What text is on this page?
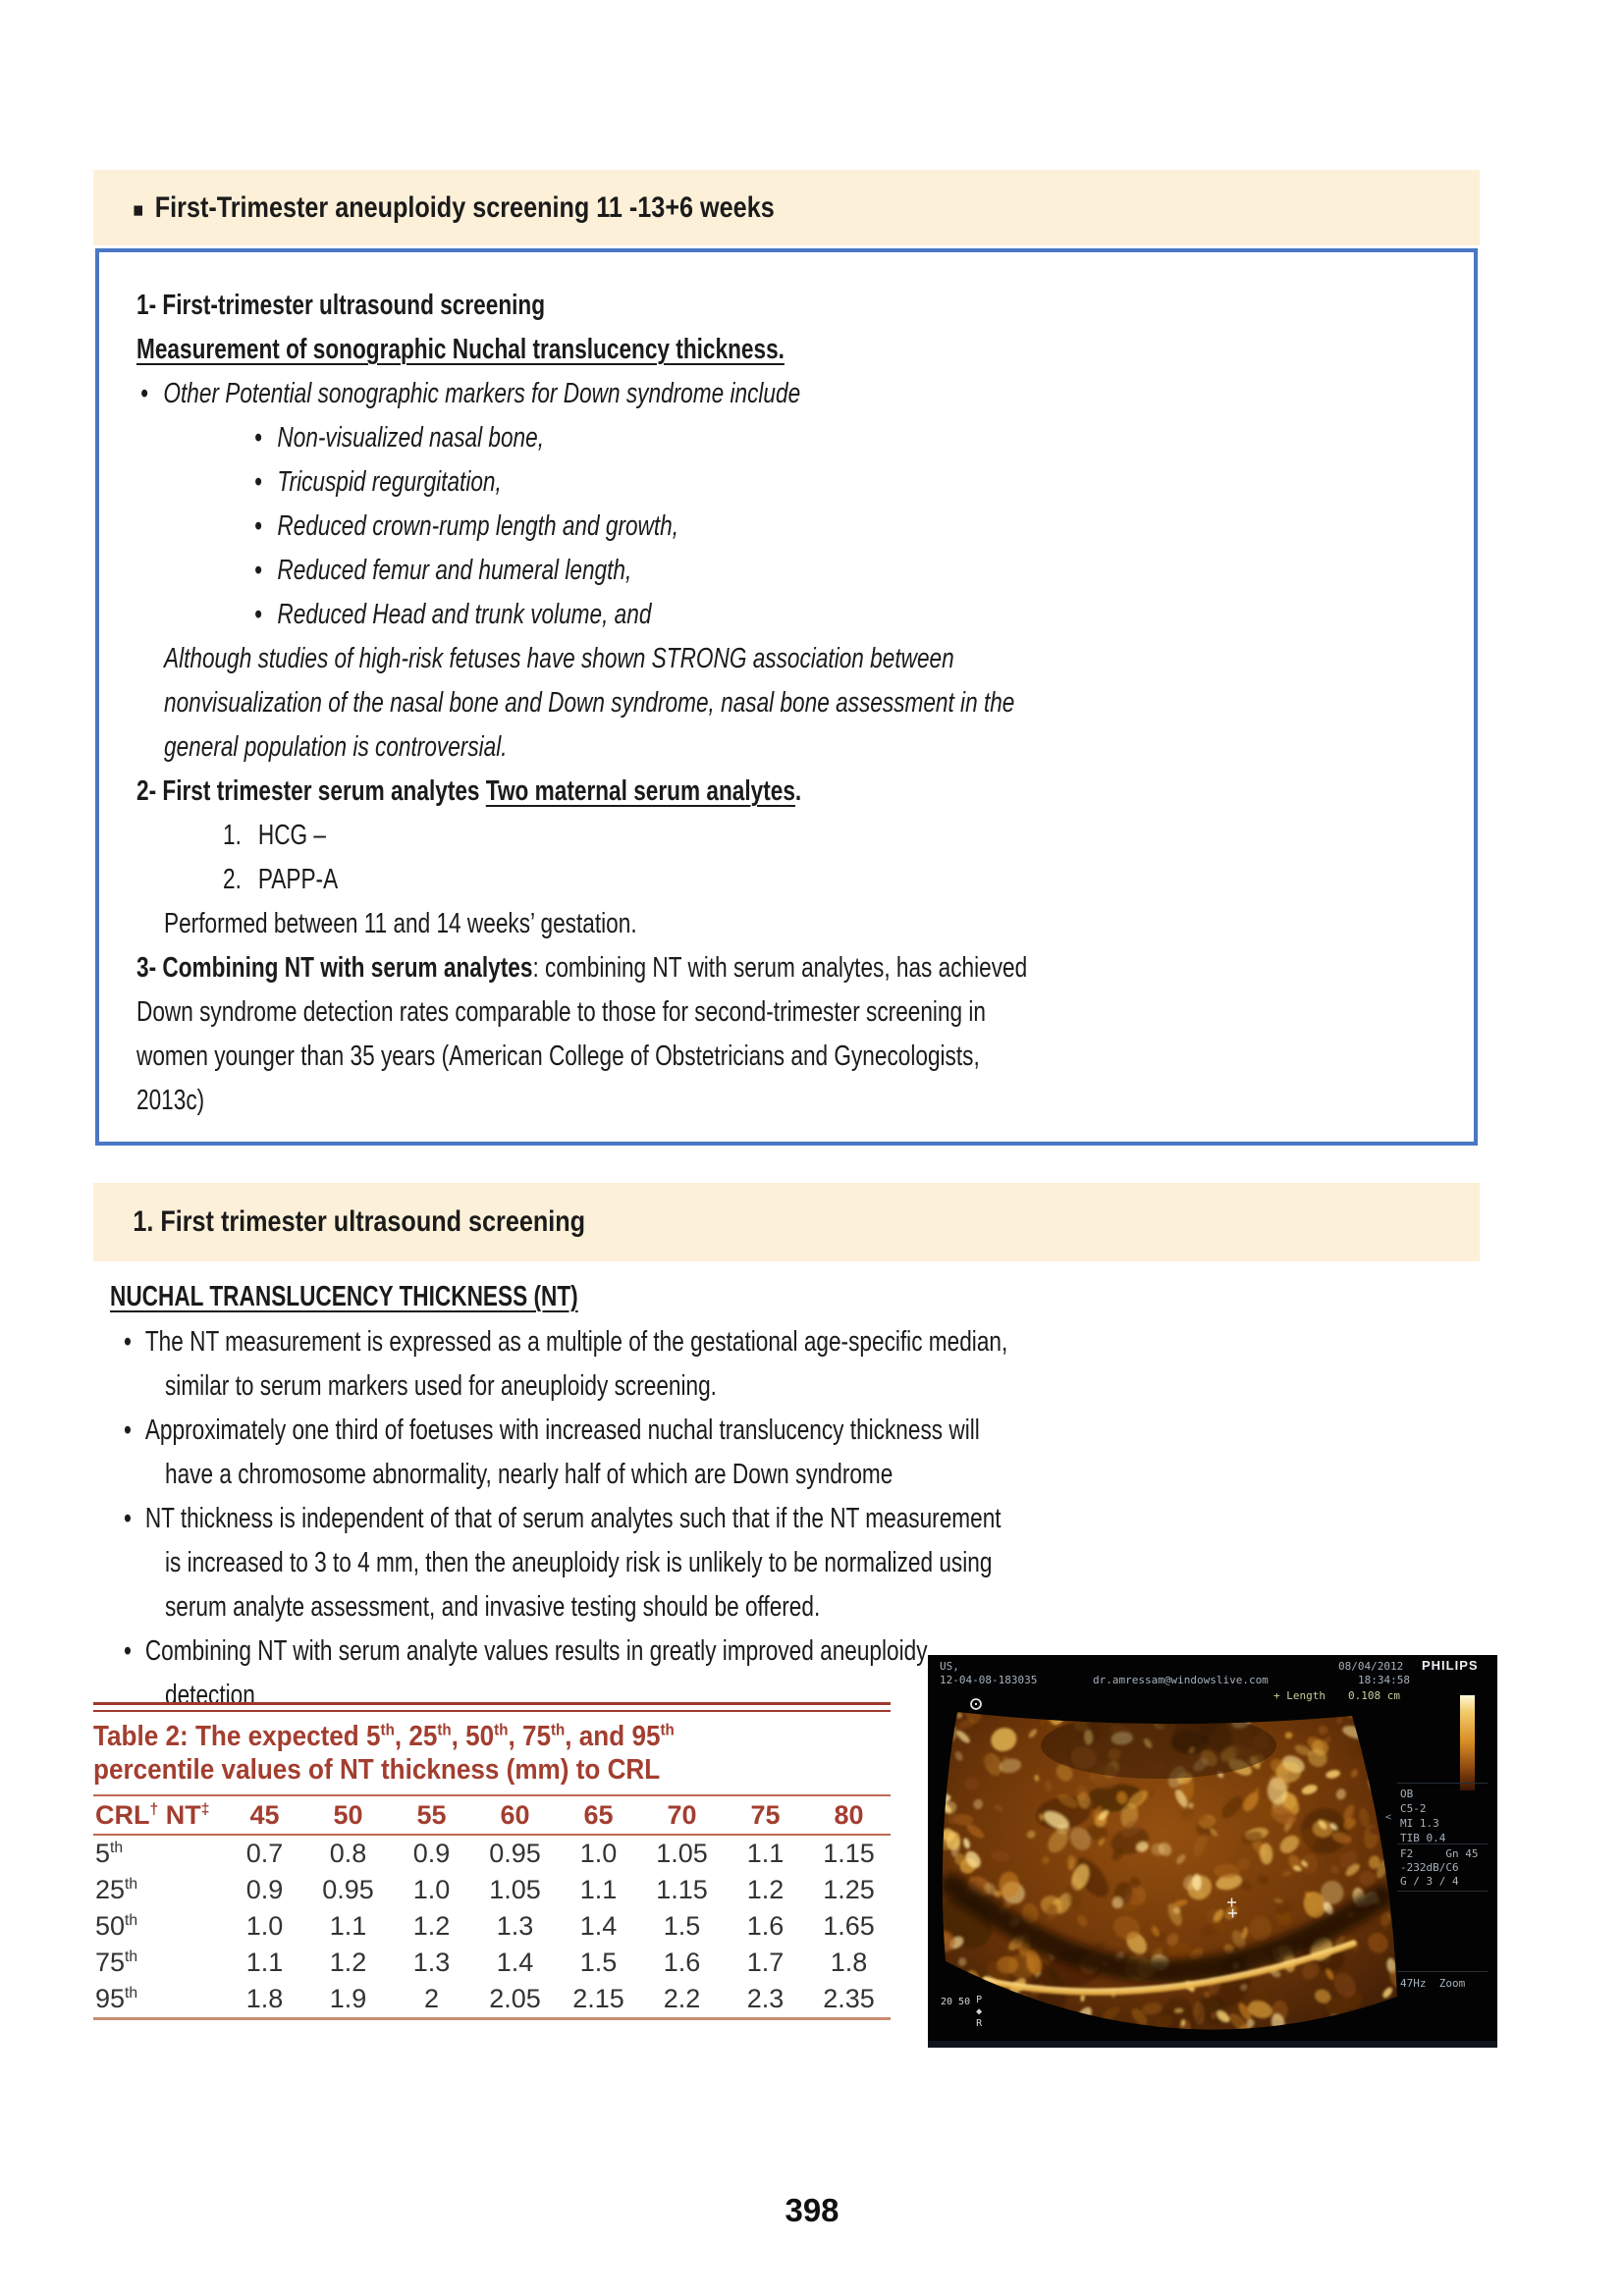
■ First-Trimester aneuploidy screening 11 -13+6 weeks
1- First-trimester ultrasound screening
Measurement of sonographic Nuchal translucency thickness.
• Other Potential sonographic markers for Down syndrome include
• Non-visualized nasal bone,
• Tricuspid regurgitation,
• Reduced crown-rump length and growth,
• Reduced femur and humeral length,
• Reduced Head and trunk volume, and
Although studies of high-risk fetuses have shown STRONG association between
nonvisualization of the nasal bone and Down syndrome, nasal bone assessment in the
general population is controversial.
2- First trimester serum analytes Two maternal serum analytes.
1. HCG –
2. PAPP-A
Performed between 11 and 14 weeks’ gestation.
3- Combining NT with serum analytes: combining NT with serum analytes, has achieved
Down syndrome detection rates comparable to those for second-trimester screening in
women younger than 35 years (American College of Obstetricians and Gynecologists,
2013c)
1. First trimester ultrasound screening
NUCHAL TRANSLUCENCY THICKNESS (NT)
• The NT measurement is expressed as a multiple of the gestational age-specific median,
similar to serum markers used for aneuploidy screening.
• Approximately one third of foetuses with increased nuchal translucency thickness will
have a chromosome abnormality, nearly half of which are Down syndrome
• NT thickness is independent of that of serum analytes such that if the NT measurement
is increased to 3 to 4 mm, then the aneuploidy risk is unlikely to be normalized using
serum analyte assessment, and invasive testing should be offered.
• Combining NT with serum analyte values results in greatly improved aneuploidy
detection
Table 2: The expected 5th, 25th, 50th, 75th, and 95th
percentile values of NT thickness (mm) to CRL
CRL† NT‡	45	50	55	60	65	70	75	80
5th	0.7	0.8	0.9	0.95	1.0	1.05	1.1	1.15
25th	0.9	0.95	1.0	1.05	1.1	1.15	1.2	1.25
50th	1.0	1.1	1.2	1.3	1.4	1.5	1.6	1.65
75th	1.1	1.2	1.3	1.4	1.5	1.6	1.7	1.8
95th	1.8	1.9	2	2.05	2.15	2.2	2.3	2.35
US,
12-04-08-183035	dr.amressam@windowslive.com
08/04/2012 PHILIPS
18:34:58
+ Length 0.108 cm
<
OB
C5-2
MI 1.3
TIB 0.4
F2     Gn 45
-232dB/C6
G / 3 / 4
47Hz  Zoom

P
◆
R

20 50
398
